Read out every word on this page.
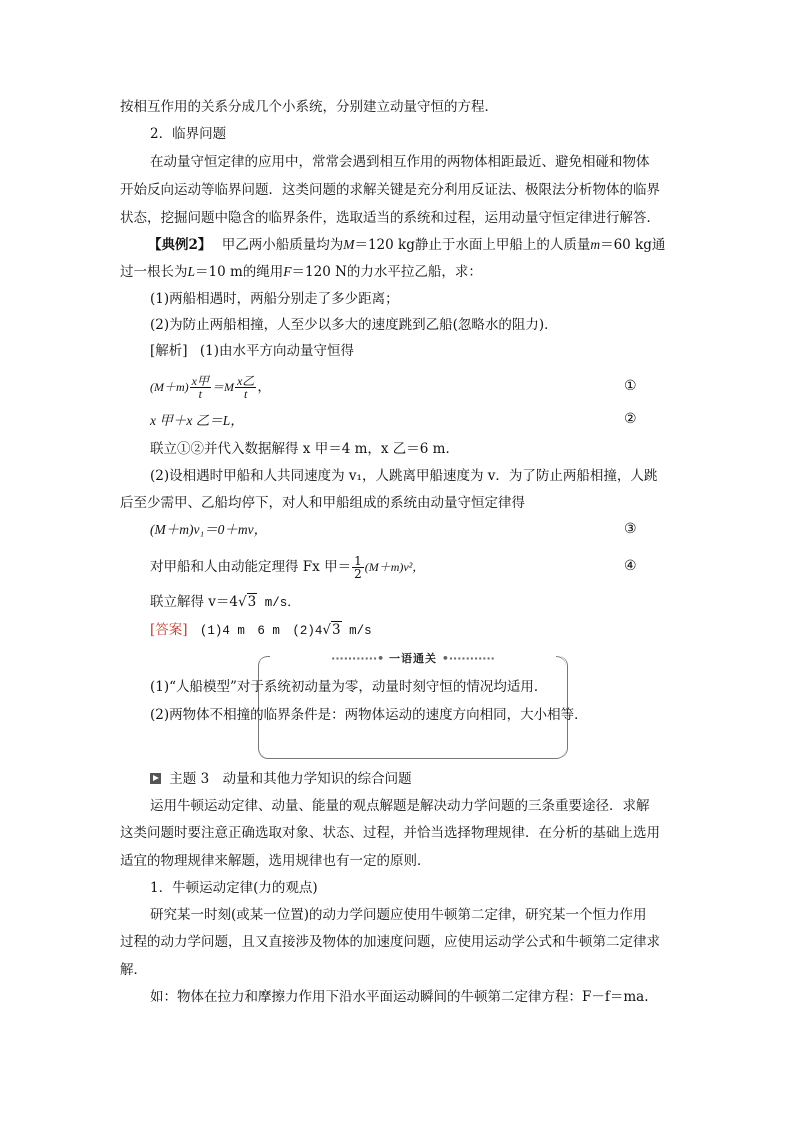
按相互作用的关系分成几个小系统，分别建立动量守恒的方程．
2．临界问题
在动量守恒定律的应用中，常常会遇到相互作用的两物体相距最近、避免相碰和物体
开始反向运动等临界问题．这类问题的求解关键是充分利用反证法、极限法分析物体的临界
状态，挖掘问题中隐含的临界条件，选取适当的系统和过程，运用动量守恒定律进行解答．
【典例2】 甲乙两小船质量均为M＝120 kg静止于水面上甲船上的人质量m＝60 kg通
过一根长为L＝10 m的绳用F＝120 N的力水平拉乙船，求：
(1)两船相遇时，两船分别走了多少距离；
(2)为防止两船相撞，人至少以多大的速度跳到乙船(忽略水的阻力)．
[解析] (1)由水平方向动量守恒得
$(M+m) \frac{\text{x甲}}{t} =M \frac{\text{x乙}}{t}$ ，	①
x 甲＋x 乙＝L，	②
联立①②并代入数据解得 x 甲＝4 m，x 乙＝6 m．
(2)设相遇时甲船和人共同速度为 v₁，人跳离甲船速度为 v．为了防止两船相撞，人跳
后至少需甲、乙船均停下，对人和甲船组成的系统由动量守恒定律得
(M＋m)v₁＝0＋mv，	③
对甲船和人由动能定理得 Fx 甲＝ $\frac{1}{2} (M+m)v^2$，	④
联立解得 v＝4√3 m/s．
[答案] (1)4 m　6 m　(2)4√3 m/s
···········• 一语通关 •···········
(1)“人船模型”对于系统初动量为零，动量时刻守恒的情况均适用．
(2)两物体不相撞的临界条件是：两物体运动的速度方向相同，大小相等．
主题 3　动量和其他力学知识的综合问题
运用牛顿运动定律、动量、能量的观点解题是解决动力学问题的三条重要途径．求解
这类问题时要注意正确选取对象、状态、过程，并恰当选择物理规律．在分析的基础上选用
适宜的物理规律来解题，选用规律也有一定的原则．
1．牛顿运动定律(力的观点)
研究某一时刻(或某一位置)的动力学问题应使用牛顿第二定律，研究某一个恒力作用
过程的动力学问题，且又直接涉及物体的加速度问题，应使用运动学公式和牛顿第二定律求
解．
如：物体在拉力和摩擦力作用下沿水平面运动瞬间的牛顿第二定律方程：F－f＝ma.
